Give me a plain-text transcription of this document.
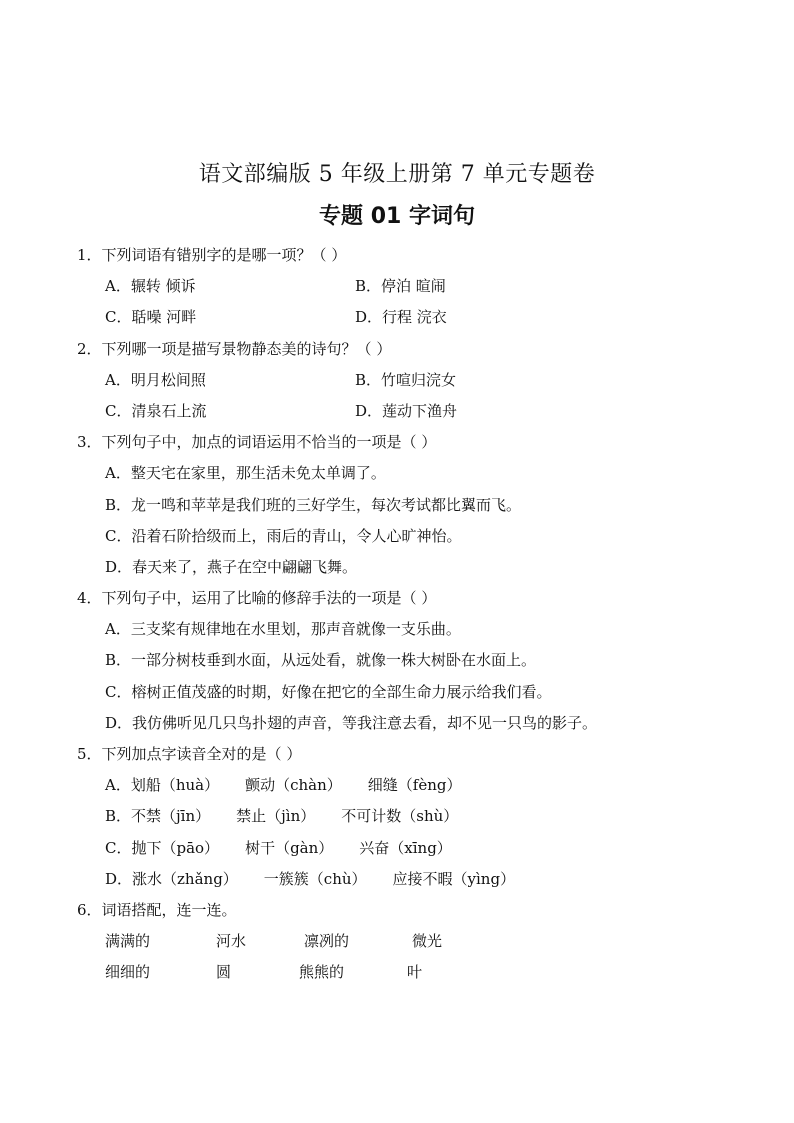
语文部编版 5 年级上册第 7 单元专题卷
专题 01 字词句
1．下列词语有错别字的是哪一项？（ ）
A．辗转 倾诉	B．停泊 暄闹
C．聒噪 河畔	D．行程 浣衣
2．下列哪一项是描写景物静态美的诗句？（ ）
A．明月松间照	B．竹喧归浣女
C．清泉石上流	D．莲动下渔舟
3．下列句子中，加点的词语运用不恰当的一项是（ ）
A．整天宅在家里，那生活未免太单调了。
B．龙一鸣和苹苹是我们班的三好学生，每次考试都比翼而飞。
C．沿着石阶拾级而上，雨后的青山，令人心旷神怡。
D．春天来了，燕子在空中翩翩飞舞。
4．下列句子中，运用了比喻的修辞手法的一项是（ ）
A．三支桨有规律地在水里划，那声音就像一支乐曲。
B．一部分树枝垂到水面，从远处看，就像一株大树卧在水面上。
C．榕树正值茂盛的时期，好像在把它的全部生命力展示给我们看。
D．我仿佛听见几只鸟扑翅的声音，等我注意去看，却不见一只鸟的影子。
5．下列加点字读音全对的是（ ）
A．划船（huà） 颤动（chàn） 细缝（fèng）
B．不禁（jīn） 禁止（jìn） 不可计数（shù）
C．抛下（pāo） 树干（gàn） 兴奋（xīng）
D．涨水（zhǎng） 一簇簇（chù） 应接不暇（yìng）
6．词语搭配，连一连。
满满的	河水	凛冽的	微光
细细的	圆	熊熊的	叶
